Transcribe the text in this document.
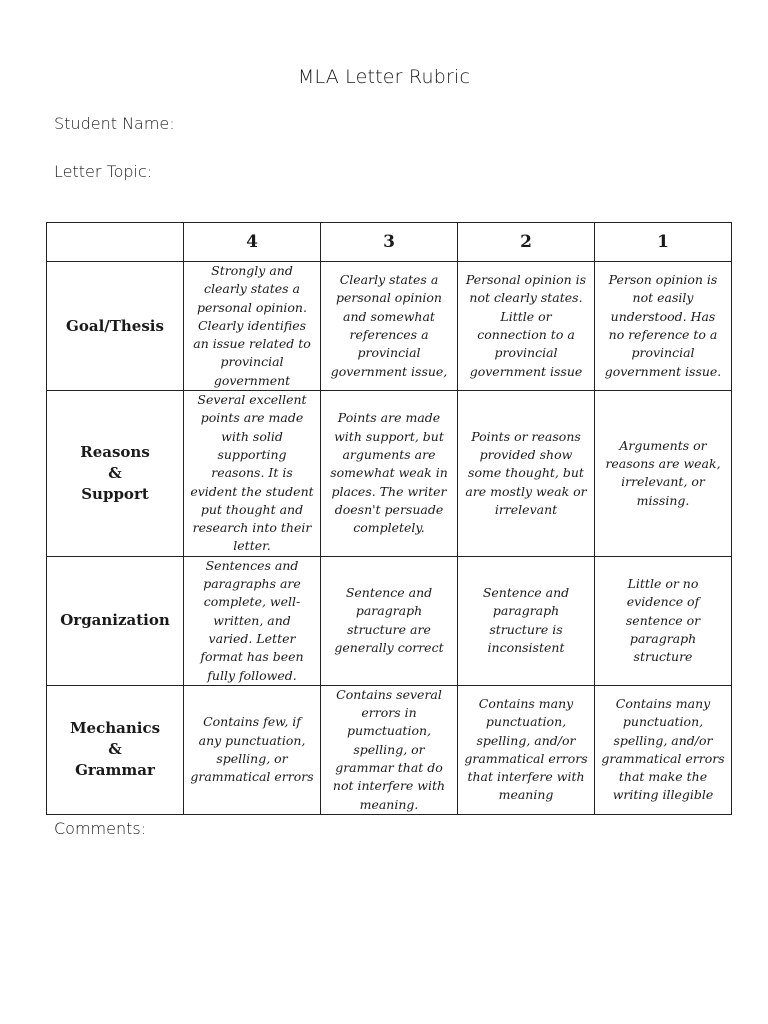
MLA Letter Rubric
Student Name:
Letter Topic:
	4	3	2	1
Goal/Thesis	Strongly and clearly states a personal opinion. Clearly identifies an issue related to provincial government	Clearly states a personal opinion and somewhat references a provincial government issue,	Personal opinion is not clearly states. Little or connection to a provincial government issue	Person opinion is not easily understood. Has no reference to a provincial government issue.
Reasons
&
Support	Several excellent points are made with solid supporting reasons. It is evident the student put thought and research into their letter.	Points are made with support, but arguments are somewhat weak in places. The writer doesn't persuade completely.	Points or reasons provided show some thought, but are mostly weak or irrelevant	Arguments or reasons are weak, irrelevant, or missing.
Organization	Sentences and paragraphs are complete, well-written, and varied. Letter format has been fully followed.	Sentence and paragraph structure are generally correct	Sentence and paragraph structure is inconsistent	Little or no evidence of sentence or paragraph structure
Mechanics
&
Grammar	Contains few, if any punctuation, spelling, or grammatical errors	Contains several errors in pumctuation, spelling, or grammar that do not interfere with meaning.	Contains many punctuation, spelling, and/or grammatical errors that interfere with meaning	Contains many punctuation, spelling, and/or grammatical errors that make the writing illegible
Comments:
